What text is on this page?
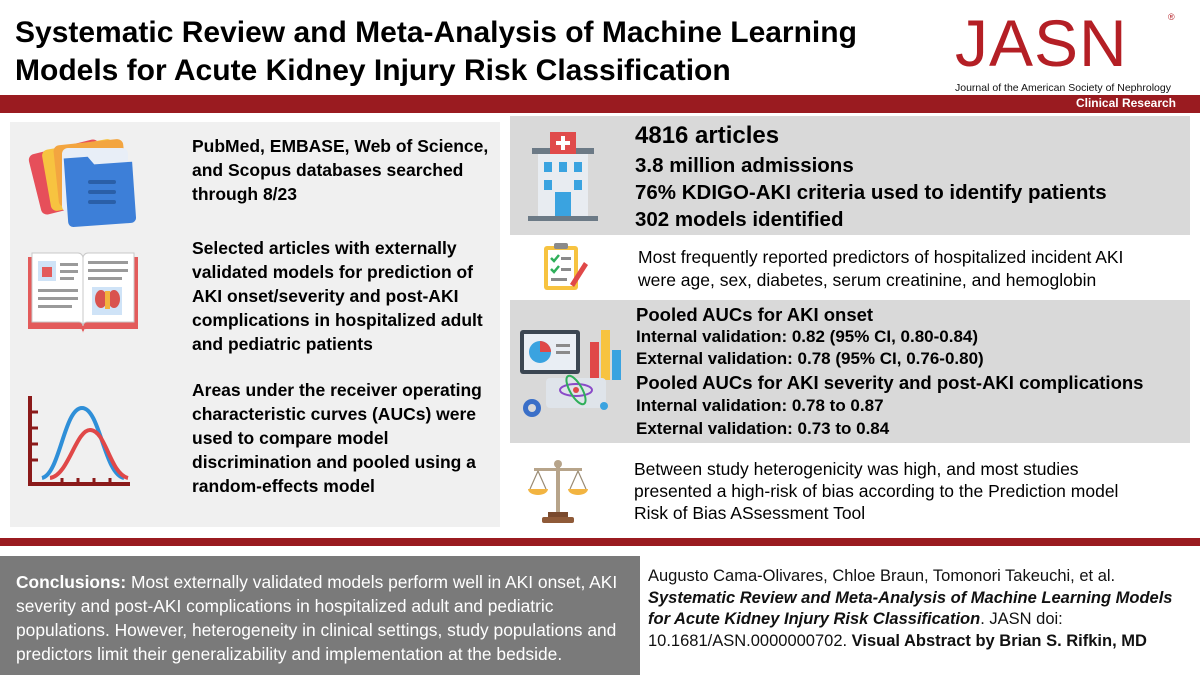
Systematic Review and Meta-Analysis of Machine Learning
Models for Acute Kidney Injury Risk Classification	JASN	®
Journal of the American Society of Nephrology
Clinical Research
PubMed, EMBASE, Web of Science, and Scopus databases searched through 8/23
Selected articles with externally validated models for prediction of AKI onset/severity and post-AKI complications in hospitalized adult and pediatric patients
Areas under the receiver operating characteristic curves (AUCs) were used to compare model discrimination and pooled using a random-effects model
4816 articles
3.8 million admissions
76% KDIGO-AKI criteria used to identify patients
302 models identified
Most frequently reported predictors of hospitalized incident AKI
were age, sex, diabetes, serum creatinine, and hemoglobin
Pooled AUCs for AKI onset
Internal validation: 0.82 (95% CI, 0.80-0.84)
External validation: 0.78 (95% CI, 0.76-0.80)
Pooled AUCs for AKI severity and post-AKI complications
Internal validation: 0.78 to 0.87
External validation: 0.73 to 0.84
Between study heterogenicity was high, and most studies
presented a high-risk of bias according to the Prediction model
Risk of Bias ASsessment Tool
Conclusions: Most externally validated models perform well in AKI onset, AKI severity and post-AKI complications in hospitalized adult and pediatric populations. However, heterogeneity in clinical settings, study populations and predictors limit their generalizability and implementation at the bedside.
Augusto Cama-Olivares, Chloe Braun, Tomonori Takeuchi, et al. Systematic Review and Meta-Analysis of Machine Learning Models for Acute Kidney Injury Risk Classification. JASN doi: 10.1681/ASN.0000000702. Visual Abstract by Brian S. Rifkin, MD
